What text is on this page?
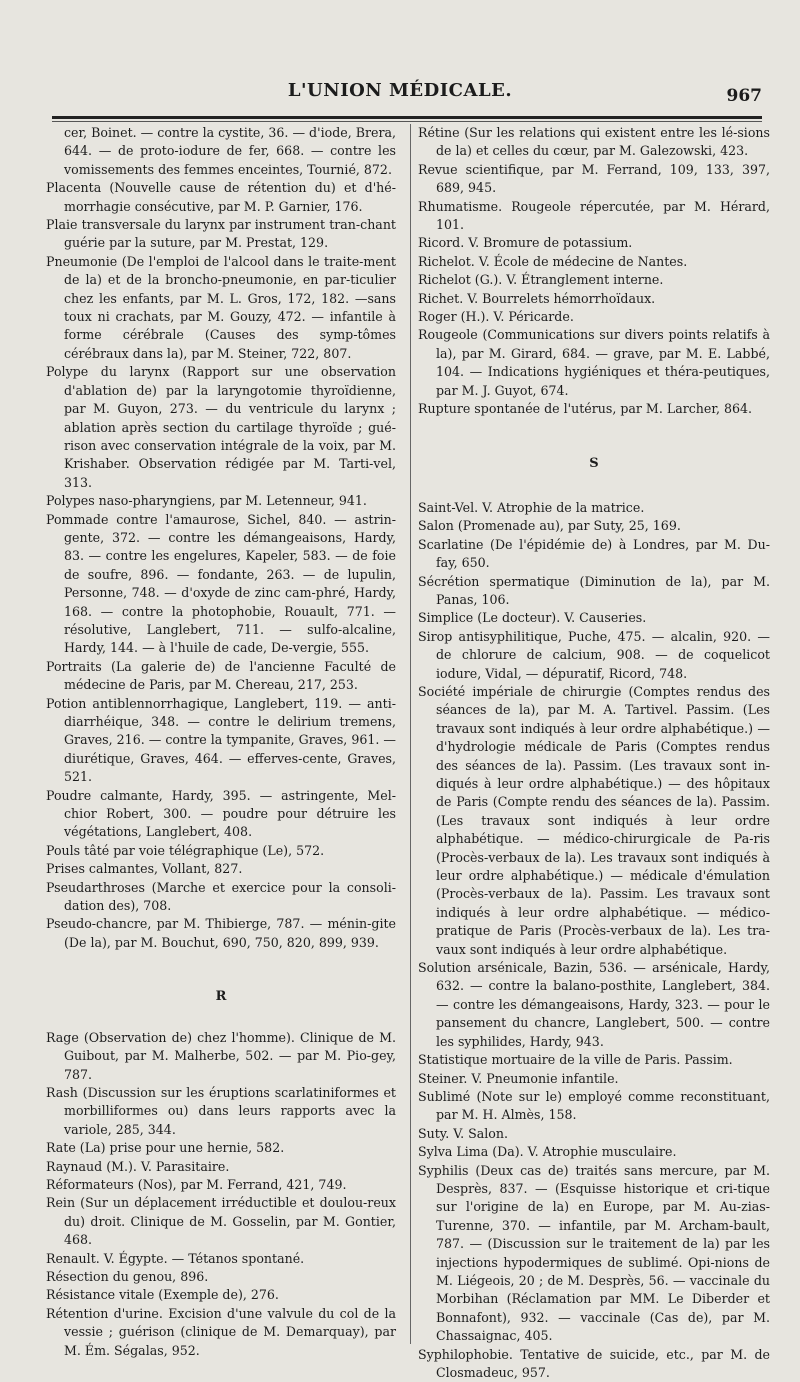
L'UNION MÉDICALE.	967

cer, Boinet. — contre la cystite, 36. — d'iode, Brera, 644. — de proto-iodure de fer, 668. — contre les vomissements des femmes enceintes, Tournié, 872.

Placenta (Nouvelle cause de rétention du) et d'hé-morrhagie consécutive, par M. P. Garnier, 176.

Plaie transversale du larynx par instrument tran-chant guérie par la suture, par M. Prestat, 129.

Pneumonie (De l'emploi de l'alcool dans le traite-ment de la) et de la broncho-pneumonie, en par-ticulier chez les enfants, par M. L. Gros, 172, 182. —sans toux ni crachats, par M. Gouzy, 472. — infantile à forme cérébrale (Causes des symp-tômes cérébraux dans la), par M. Steiner, 722, 807.

Polype du larynx (Rapport sur une observation d'ablation de) par la laryngotomie thyroïdienne, par M. Guyon, 273. — du ventricule du larynx ; ablation après section du cartilage thyroïde ; gué-rison avec conservation intégrale de la voix, par M. Krishaber. Observation rédigée par M. Tarti-vel, 313.

Polypes naso-pharyngiens, par M. Letenneur, 941.

Pommade contre l'amaurose, Sichel, 840. — astrin-gente, 372. — contre les démangeaisons, Hardy, 83. — contre les engelures, Kapeler, 583. — de foie de soufre, 896. — fondante, 263. — de lupulin, Personne, 748. — d'oxyde de zinc cam-phré, Hardy, 168. — contre la photophobie, Rouault, 771. — résolutive, Langlebert, 711. — sulfo-alcaline, Hardy, 144. — à l'huile de cade, De-vergie, 555.

Portraits (La galerie de) de l'ancienne Faculté de médecine de Paris, par M. Chereau, 217, 253.

Potion antiblennorrhagique, Langlebert, 119. — anti-diarrhéique, 348. — contre le delirium tremens, Graves, 216. — contre la tympanite, Graves, 961. — diurétique, Graves, 464. — efferves-cente, Graves, 521.

Poudre calmante, Hardy, 395. — astringente, Mel-chior Robert, 300. — poudre pour détruire les végétations, Langlebert, 408.

Pouls tâté par voie télégraphique (Le), 572.

Prises calmantes, Vollant, 827.

Pseudarthroses (Marche et exercice pour la consoli-dation des), 708.

Pseudo-chancre, par M. Thibierge, 787. — ménin-gite (De la), par M. Bouchut, 690, 750, 820, 899, 939.

R

Rage (Observation de) chez l'homme). Clinique de M. Guibout, par M. Malherbe, 502. — par M. Pio-gey, 787.

Rash (Discussion sur les éruptions scarlatiniformes et morbilliformes ou) dans leurs rapports avec la variole, 285, 344.

Rate (La) prise pour une hernie, 582.

Raynaud (M.). V. Parasitaire.

Réformateurs (Nos), par M. Ferrand, 421, 749.

Rein (Sur un déplacement irréductible et doulou-reux du) droit. Clinique de M. Gosselin, par M. Gontier, 468.

Renault. V. Égypte. — Tétanos spontané.

Résection du genou, 896.

Résistance vitale (Exemple de), 276.

Rétention d'urine. Excision d'une valvule du col de la vessie ; guérison (clinique de M. Demarquay), par M. Ém. Ségalas, 952.

Rétine (Sur les relations qui existent entre les lé-sions de la) et celles du cœur, par M. Galezowski, 423.

Revue scientifique, par M. Ferrand, 109, 133, 397, 689, 945.

Rhumatisme. Rougeole répercutée, par M. Hérard, 101.

Ricord. V. Bromure de potassium.

Richelot. V. École de médecine de Nantes.

Richelot (G.). V. Étranglement interne.

Richet. V. Bourrelets hémorrhoïdaux.

Roger (H.). V. Péricarde.

Rougeole (Communications sur divers points relatifs à la), par M. Girard, 684. — grave, par M. E. Labbé, 104. — Indications hygiéniques et théra-peutiques, par M. J. Guyot, 674.

Rupture spontanée de l'utérus, par M. Larcher, 864.

S

Saint-Vel. V. Atrophie de la matrice.

Salon (Promenade au), par Suty, 25, 169.

Scarlatine (De l'épidémie de) à Londres, par M. Du-fay, 650.

Sécrétion spermatique (Diminution de la), par M. Panas, 106.

Simplice (Le docteur). V. Causeries.

Sirop antisyphilitique, Puche, 475. — alcalin, 920. — de chlorure de calcium, 908. — de coquelicot iodure, Vidal, — dépuratif, Ricord, 748.

Société impériale de chirurgie (Comptes rendus des séances de la), par M. A. Tartivel. Passim. (Les travaux sont indiqués à leur ordre alphabétique.) — d'hydrologie médicale de Paris (Comptes rendus des séances de la). Passim. (Les travaux sont in-diqués à leur ordre alphabétique.) — des hôpitaux de Paris (Compte rendu des séances de la). Passim. (Les travaux sont indiqués à leur ordre alphabétique. — médico-chirurgicale de Pa-ris (Procès-verbaux de la). Les travaux sont indiqués à leur ordre alphabétique.) — médicale d'émulation (Procès-verbaux de la). Passim. Les travaux sont indiqués à leur ordre alphabétique. — médico-pratique de Paris (Procès-verbaux de la). Les tra-vaux sont indiqués à leur ordre alphabétique.

Solution arsénicale, Bazin, 536. — arsénicale, Hardy, 632. — contre la balano-posthite, Langlebert, 384. — contre les démangeaisons, Hardy, 323. — pour le pansement du chancre, Langlebert, 500. — contre les syphilides, Hardy, 943.

Statistique mortuaire de la ville de Paris. Passim.

Steiner. V. Pneumonie infantile.

Sublimé (Note sur le) employé comme reconstituant, par M. H. Almès, 158.

Suty. V. Salon.

Sylva Lima (Da). V. Atrophie musculaire.

Syphilis (Deux cas de) traités sans mercure, par M. Desprès, 837. — (Esquisse historique et cri-tique sur l'origine de la) en Europe, par M. Au-zias-Turenne, 370. — infantile, par M. Archam-bault, 787. — (Discussion sur le traitement de la) par les injections hypodermiques de sublimé. Opi-nions de M. Liégeois, 20 ; de M. Desprès, 56. — vaccinale du Morbihan (Réclamation par MM. Le Diberder et Bonnafont), 932. — vaccinale (Cas de), par M. Chassaignac, 405.

Syphilophobie. Tentative de suicide, etc., par M. de Closmadeuc, 957.
